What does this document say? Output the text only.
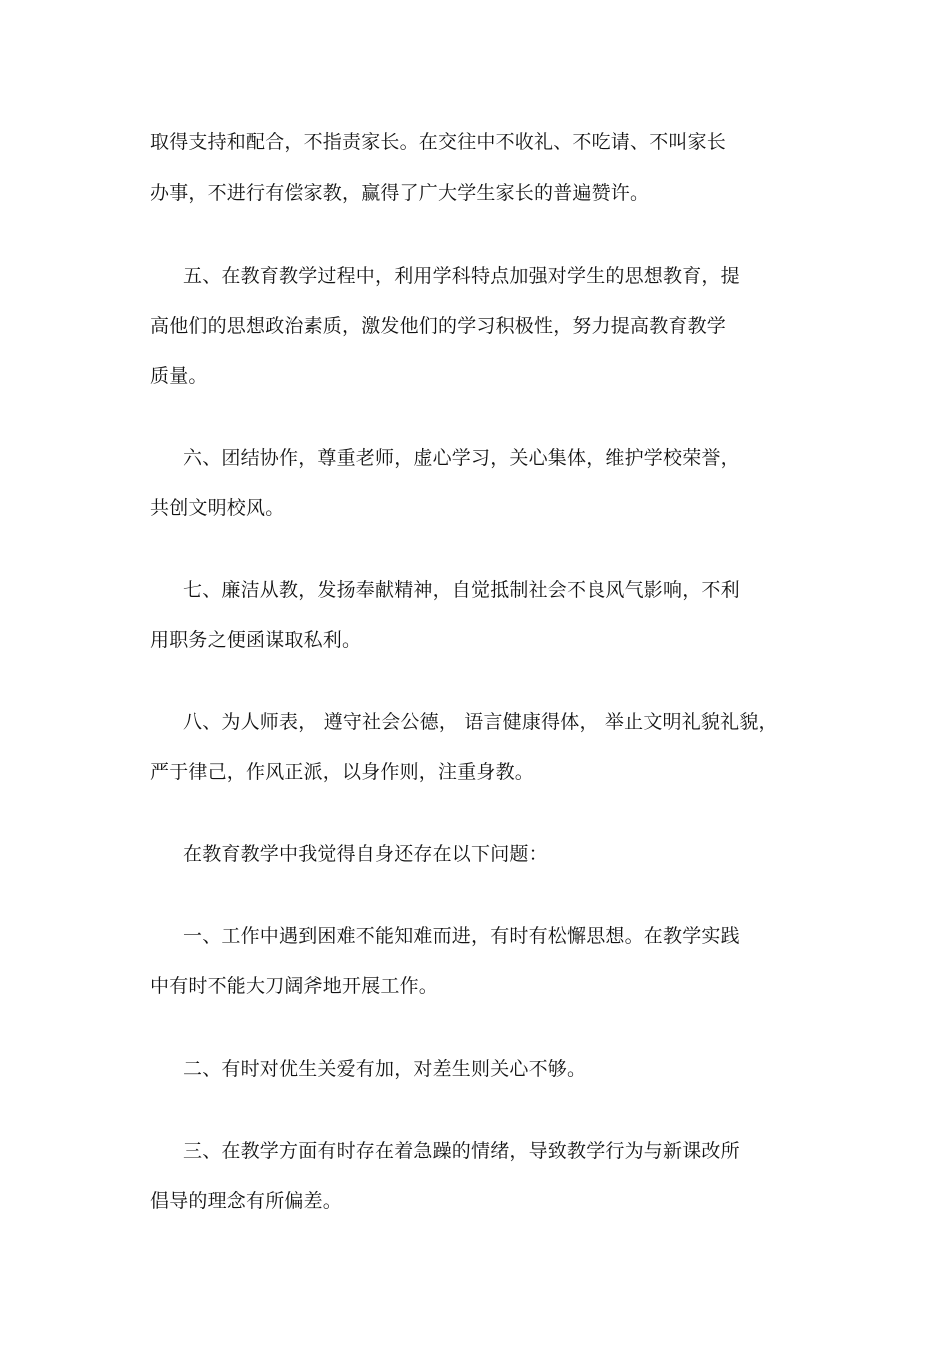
取得支持和配合，不指责家长。在交往中不收礼、不吃请、不叫家长
办事，不进行有偿家教，赢得了广大学生家长的普遍赞许。
五、在教育教学过程中，利用学科特点加强对学生的思想教育，提
高他们的思想政治素质，激发他们的学习积极性，努力提高教育教学
质量。
六、团结协作，尊重老师，虚心学习，关心集体，维护学校荣誉，
共创文明校风。
七、廉洁从教，发扬奉献精神，自觉抵制社会不良风气影响，不利
用职务之便函谋取私利。
八、为人师表， 遵守社会公德， 语言健康得体， 举止文明礼貌礼貌，
严于律己，作风正派，以身作则，注重身教。
在教育教学中我觉得自身还存在以下问题：
一、工作中遇到困难不能知难而进，有时有松懈思想。在教学实践
中有时不能大刀阔斧地开展工作。
二、有时对优生关爱有加，对差生则关心不够。
三、在教学方面有时存在着急躁的情绪，导致教学行为与新课改所
倡导的理念有所偏差。
